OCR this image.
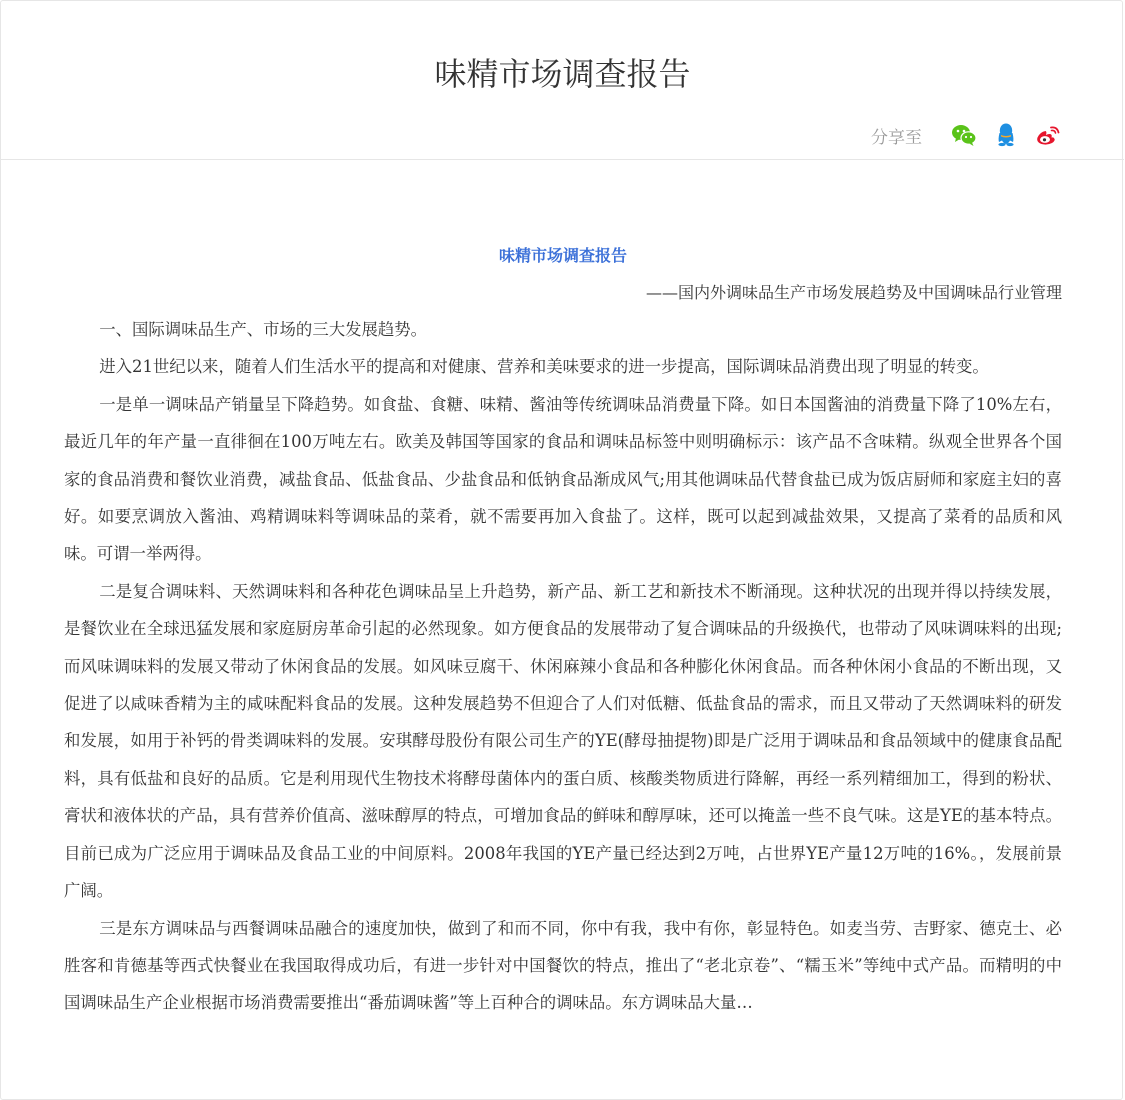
味精市场调查报告
分享至
味精市场调查报告

——国内外调味品生产市场发展趋势及中国调味品行业管理

一、国际调味品生产、市场的三大发展趋势。

进入21世纪以来，随着人们生活水平的提高和对健康、营养和美味要求的进一步提高，国际调味品消费出现了明显的转变。

一是单一调味品产销量呈下降趋势。如食盐、食糖、味精、酱油等传统调味品消费量下降。如日本国酱油的消费量下降了10%左右，最近几年的年产量一直徘徊在100万吨左右。欧美及韩国等国家的食品和调味品标签中则明确标示：该产品不含味精。纵观全世界各个国家的食品消费和餐饮业消费，减盐食品、低盐食品、少盐食品和低钠食品渐成风气;用其他调味品代替食盐已成为饭店厨师和家庭主妇的喜好。如要烹调放入酱油、鸡精调味料等调味品的菜肴，就不需要再加入食盐了。这样，既可以起到减盐效果，又提高了菜肴的品质和风味。可谓一举两得。

二是复合调味料、天然调味料和各种花色调味品呈上升趋势，新产品、新工艺和新技术不断涌现。这种状况的出现并得以持续发展，是餐饮业在全球迅猛发展和家庭厨房革命引起的必然现象。如方便食品的发展带动了复合调味品的升级换代，也带动了风味调味料的出现;而风味调味料的发展又带动了休闲食品的发展。如风味豆腐干、休闲麻辣小食品和各种膨化休闲食品。而各种休闲小食品的不断出现，又促进了以咸味香精为主的咸味配料食品的发展。这种发展趋势不但迎合了人们对低糖、低盐食品的需求，而且又带动了天然调味料的研发和发展，如用于补钙的骨类调味料的发展。安琪酵母股份有限公司生产的YE(酵母抽提物)即是广泛用于调味品和食品领域中的健康食品配料，具有低盐和良好的品质。它是利用现代生物技术将酵母菌体内的蛋白质、核酸类物质进行降解，再经一系列精细加工，得到的粉状、膏状和液体状的产品，具有营养价值高、滋味醇厚的特点，可增加食品的鲜味和醇厚味，还可以掩盖一些不良气味。这是YE的基本特点。目前已成为广泛应用于调味品及食品工业的中间原料。2008年我国的YE产量已经达到2万吨，占世界YE产量12万吨的16%。，发展前景广阔。

三是东方调味品与西餐调味品融合的速度加快，做到了和而不同，你中有我，我中有你，彰显特色。如麦当劳、吉野家、德克士、必胜客和肯德基等西式快餐业在我国取得成功后，有进一步针对中国餐饮的特点，推出了“老北京卷”、“糯玉米”等纯中式产品。而精明的中国调味品生产企业根据市场消费需要推出“番茄调味酱”等上百种合的调味品。东方调味品大量…
